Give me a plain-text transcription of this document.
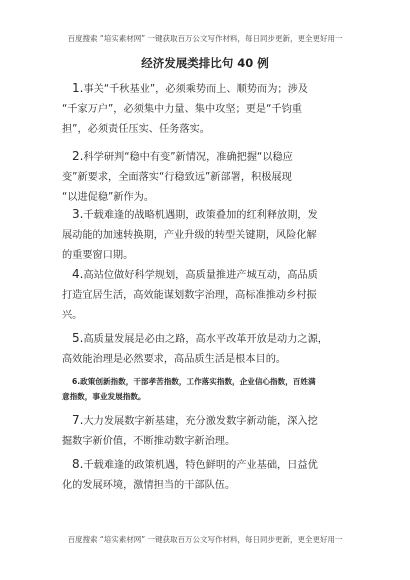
百度搜索 “培实素材网” 一键获取百万公文写作材料，每日同步更新，更全更好用一
经济发展类排比句 40 例
1.事关“千秋基业”，必须乘势而上、顺势而为；涉及
“千家万户”，必须集中力量、集中攻坚；更是“千钧重
担”，必须责任压实、任务落实。
2.科学研判“稳中有变”新情况，准确把握“以稳应
变”新要求，全面落实“行稳致远”新部署，积极展现
“以进促稳”新作为。
3.千载难逢的战略机遇期，政策叠加的红利释放期，发
展动能的加速转换期，产业升级的转型关键期，风险化解
的重要窗口期。
4.高站位做好科学规划，高质量推进产城互动，高品质
打造宜居生活，高效能谋划数字治理，高标准推动乡村振
兴。
5.高质量发展是必由之路，高水平改革开放是动力之源，
高效能治理是必然要求，高品质生活是根本目的。
6.政策创新指数，干部孝苦指数，工作落实指数，企业信心指数，百姓满
意指数，事业发展指数。
7.大力发展数字新基建，充分激发数字新动能，深入挖
掘数字新价值，不断推动数字新治理。
8.千载难逢的政策机遇，特色鲜明的产业基础，日益优
化的发展环境，激情担当的干部队伍。
百度搜索 “培实素材网” 一键获取百万公文写作材料，每日同步更新，更全更好用一
